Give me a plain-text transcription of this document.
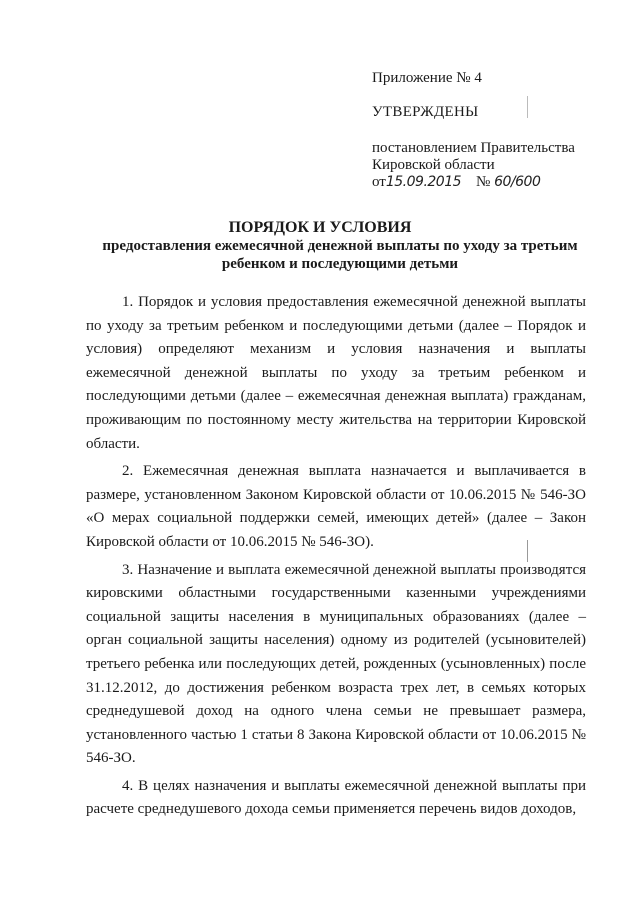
Приложение № 4
УТВЕРЖДЕНЫ
постановлением Правительства
Кировской области
от15.09.2015 № 60/600
ПОРЯДОК И УСЛОВИЯ
предоставления ежемесячной денежной выплаты по уходу за третьим ребенком и последующими детьми

1. Порядок и условия предоставления ежемесячной денежной выплаты по уходу за третьим ребенком и последующими детьми (далее – Порядок и условия) определяют механизм и условия назначения и выплаты ежемесячной денежной выплаты по уходу за третьим ребенком и последующими детьми (далее – ежемесячная денежная выплата) гражданам, проживающим по постоянному месту жительства на территории Кировской области.

2. Ежемесячная денежная выплата назначается и выплачивается в размере, установленном Законом Кировской области от 10.06.2015 № 546-ЗО «О мерах социальной поддержки семей, имеющих детей» (далее – Закон Кировской области от 10.06.2015 № 546-ЗО).

3. Назначение и выплата ежемесячной денежной выплаты производятся кировскими областными государственными казенными учреждениями социальной защиты населения в муниципальных образованиях (далее – орган социальной защиты населения) одному из родителей (усыновителей) третьего ребенка или последующих детей, рожденных (усыновленных) после 31.12.2012, до достижения ребенком возраста трех лет, в семьях которых среднедушевой доход на одного члена семьи не превышает размера, установленного частью 1 статьи 8 Закона Кировской области от 10.06.2015 № 546-ЗО.

4. В целях назначения и выплаты ежемесячной денежной выплаты при расчете среднедушевого дохода семьи применяется перечень видов доходов,
